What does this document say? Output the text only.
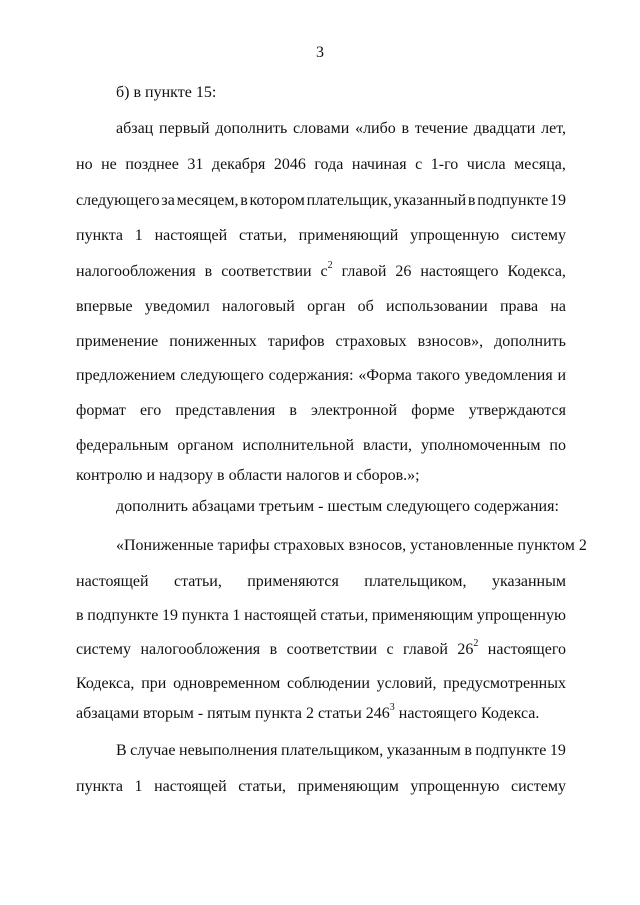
3
б) в пункте 15:
абзац первый дополнить словами «либо в течение двадцати лет,
но не позднее 31 декабря 2046 года начиная с 1-го числа месяца,
следующего за месяцем, в котором плательщик, указанный в подпункте 19
пункта 1 настоящей статьи, применяющий упрощенную систему
налогообложения в соответствии $с^2$ главой 26 настоящего Кодекса,
впервые уведомил налоговый орган об использовании права на
применение пониженных тарифов страховых взносов», дополнить
предложением следующего содержания: «Форма такого уведомления и
формат его представления в электронной форме утверждаются
федеральным органом исполнительной власти, уполномоченным по
контролю и надзору в области налогов и сборов.»;
дополнить абзацами третьим - шестым следующего содержания:
«Пониженные тарифы страховых взносов, установленные пунктом 2
настоящей статьи, применяются плательщиком, указанным
в подпункте 19 пункта 1 настоящей статьи, применяющим упрощенную
систему налогообложения в соответствии с главой $26^2$ настоящего
Кодекса, при одновременном соблюдении условий, предусмотренных
абзацами вторым - пятым пункта 2 статьи $246^3$ настоящего Кодекса.
В случае невыполнения плательщиком, указанным в подпункте 19
пункта 1 настоящей статьи, применяющим упрощенную систему
